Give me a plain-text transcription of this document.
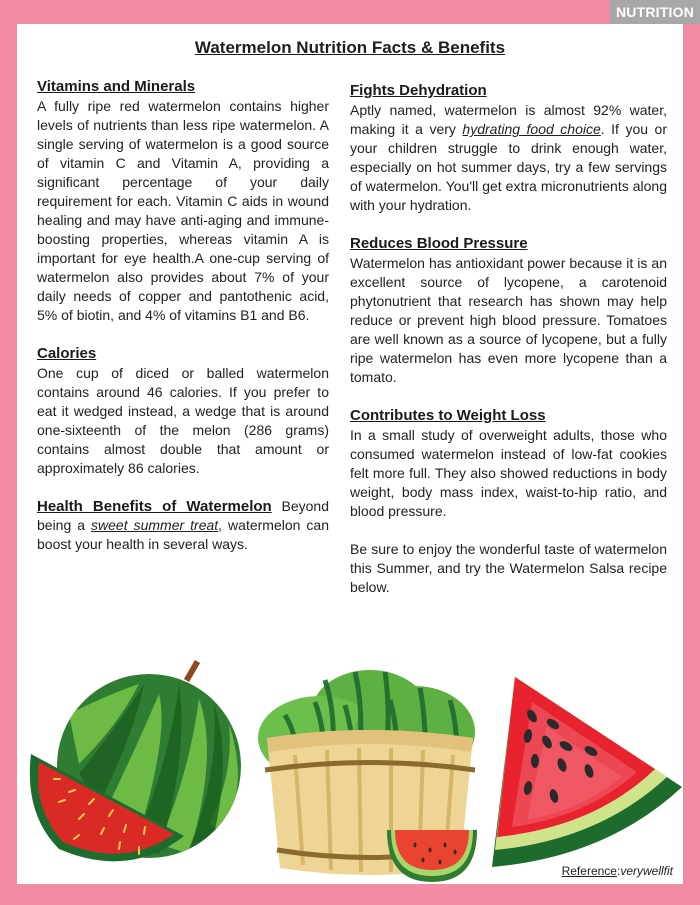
NUTRITION
Watermelon Nutrition Facts & Benefits
Vitamins and Minerals

A fully ripe red watermelon contains higher levels of nutrients than less ripe watermelon. A single serving of watermelon is a good source of vitamin C and Vitamin A, providing a significant percentage of your daily requirement for each. Vitamin C aids in wound healing and may have anti-aging and immune-boosting properties, whereas vitamin A is important for eye health.A one-cup serving of watermelon also provides about 7% of your daily needs of copper and pantothenic acid, 5% of biotin, and 4% of vitamins B1 and B6.

Calories

One cup of diced or balled watermelon contains around 46 calories. If you prefer to eat it wedged instead, a wedge that is around one-sixteenth of the melon (286 grams) contains almost double that amount or approximately 86 calories.

Health Benefits of Watermelon Beyond being a sweet summer treat, watermelon can boost your health in several ways.

Fights Dehydration

Aptly named, watermelon is almost 92% water, making it a very hydrating food choice. If you or your children struggle to drink enough water, especially on hot summer days, try a few servings of watermelon. You'll get extra micronutrients along with your hydration.

Reduces Blood Pressure

Watermelon has antioxidant power because it is an excellent source of lycopene, a carotenoid phytonutrient that research has shown may help reduce or prevent high blood pressure. Tomatoes are well known as a source of lycopene, but a fully ripe watermelon has even more lycopene than a tomato.

Contributes to Weight Loss

In a small study of overweight adults, those who consumed watermelon instead of low-fat cookies felt more full. They also showed reductions in body weight, body mass index, waist-to-hip ratio, and blood pressure.

Be sure to enjoy the wonderful taste of watermelon this Summer, and try the Watermelon Salsa recipe below.

Reference:verywellfit
